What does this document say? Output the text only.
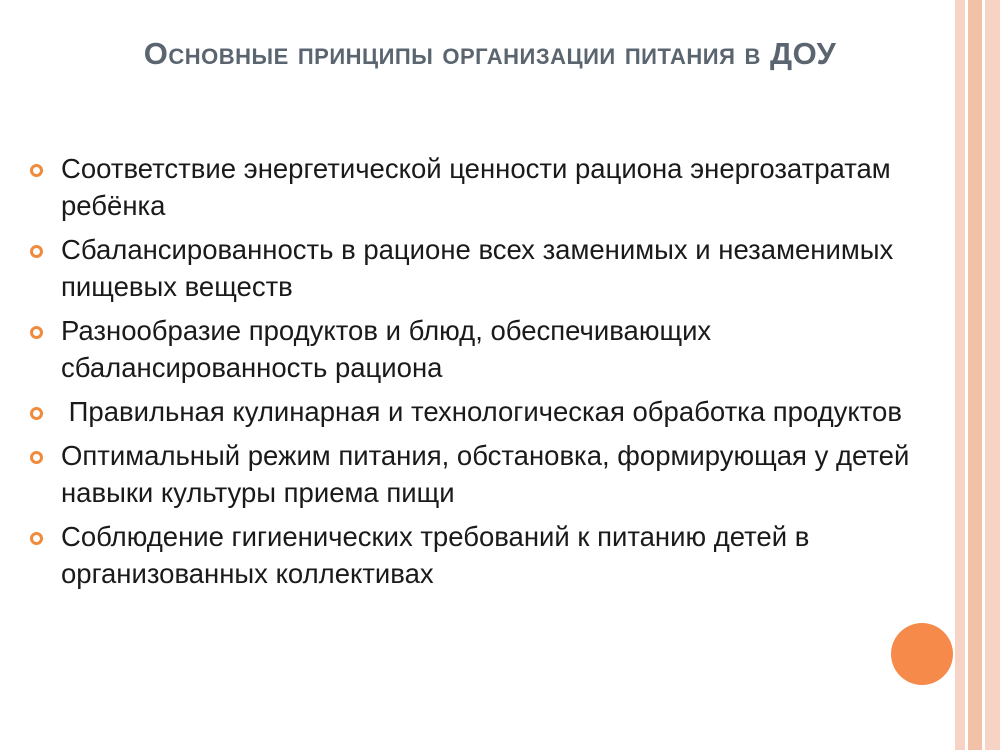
Основные принципы организации питания в ДОУ
Соответствие энергетической ценности рациона энергозатратам ребёнка
Сбалансированность в рационе всех заменимых и незаменимых пищевых веществ
Разнообразие продуктов и блюд, обеспечивающих сбалансированность рациона
Правильная кулинарная и технологическая обработка продуктов
Оптимальный режим питания, обстановка, формирующая у детей навыки культуры приема пищи
Соблюдение гигиенических требований к питанию детей в организованных коллективах
